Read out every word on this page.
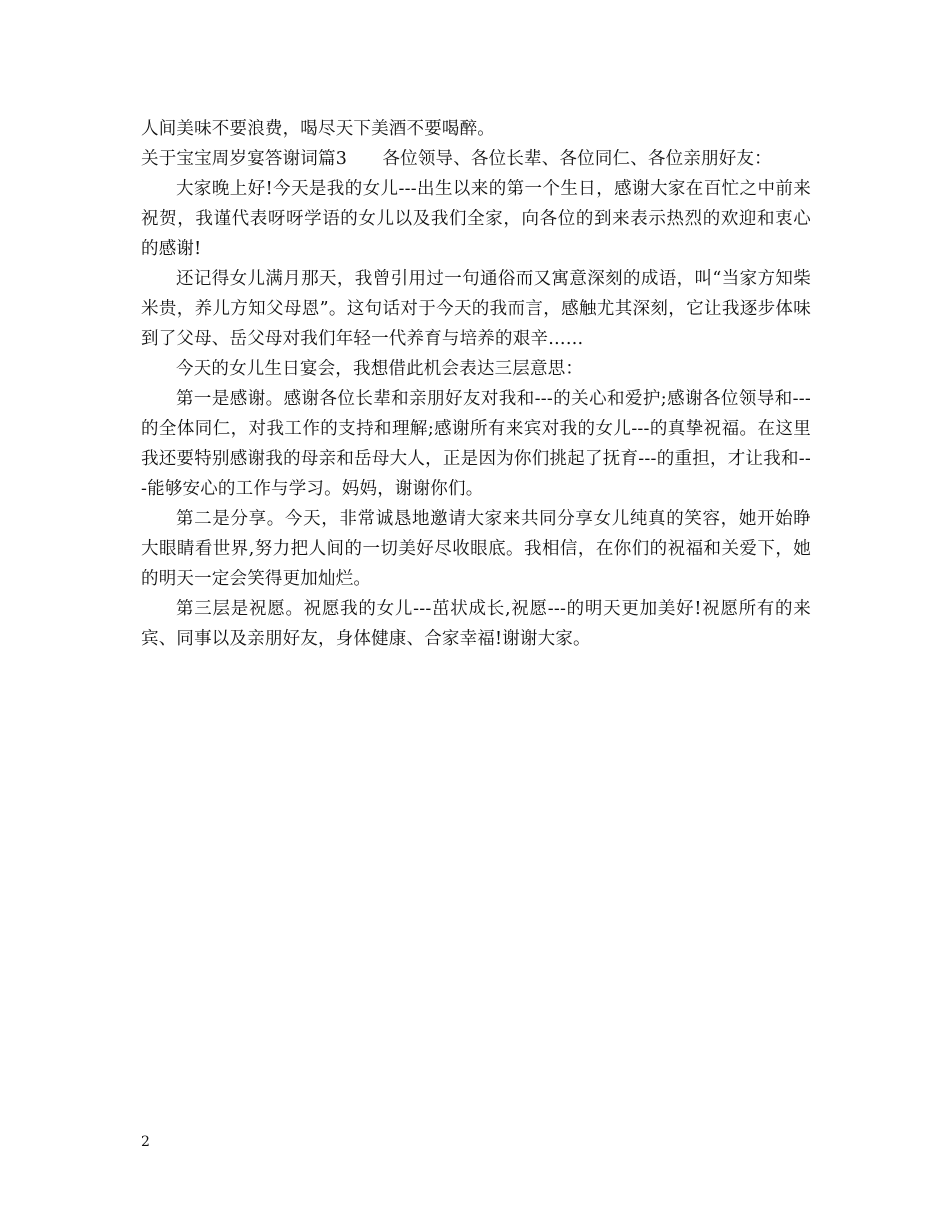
人间美味不要浪费，喝尽天下美酒不要喝醉。

关于宝宝周岁宴答谢词篇3　　各位领导、各位长辈、各位同仁、各位亲朋好友：

大家晚上好!今天是我的女儿---出生以来的第一个生日，感谢大家在百忙之中前来祝贺，我谨代表呀呀学语的女儿以及我们全家，向各位的到来表示热烈的欢迎和衷心的感谢!

还记得女儿满月那天，我曾引用过一句通俗而又寓意深刻的成语，叫“当家方知柴米贵，养儿方知父母恩”。这句话对于今天的我而言，感触尤其深刻，它让我逐步体味到了父母、岳父母对我们年轻一代养育与培养的艰辛……

今天的女儿生日宴会，我想借此机会表达三层意思：

第一是感谢。感谢各位长辈和亲朋好友对我和---的关心和爱护;感谢各位领导和---的全体同仁，对我工作的支持和理解;感谢所有来宾对我的女儿---的真挚祝福。在这里我还要特别感谢我的母亲和岳母大人，正是因为你们挑起了抚育---的重担，才让我和---能够安心的工作与学习。妈妈，谢谢你们。

第二是分享。今天，非常诚恳地邀请大家来共同分享女儿纯真的笑容，她开始睁大眼睛看世界,努力把人间的一切美好尽收眼底。我相信，在你们的祝福和关爱下，她的明天一定会笑得更加灿烂。

第三层是祝愿。祝愿我的女儿---茁状成长,祝愿---的明天更加美好!祝愿所有的来宾、同事以及亲朋好友，身体健康、合家幸福!谢谢大家。

2
